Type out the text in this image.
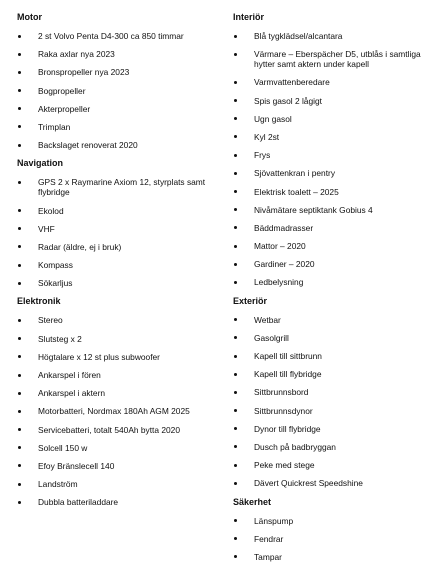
Motor
2 st Volvo Penta D4-300 ca 850 timmar
Raka axlar nya 2023
Bronspropeller nya 2023
Bogpropeller
Akterpropeller
Trimplan
Backslaget renoverat 2020
Navigation
GPS 2 x Raymarine Axiom 12, styrplats samt flybridge
Ekolod
VHF
Radar (äldre, ej i bruk)
Kompass
Sökarljus
Elektronik
Stereo
Slutsteg x 2
Högtalare x 12 st plus subwoofer
Ankarspel i fören
Ankarspel i aktern
Motorbatteri, Nordmax 180Ah AGM 2025
Servicebatteri, totalt 540Ah bytta 2020
Solcell 150 w
Efoy Bränslecell 140
Landström
Dubbla batteriladdare
Interiör
Blå tygklädsel/alcantara
Värmare – Eberspächer D5, utblås i samtliga hytter samt aktern under kapell
Varmvattenberedare
Spis gasol 2 lågigt
Ugn gasol
Kyl 2st
Frys
Sjövattenkran i pentry
Elektrisk toalett – 2025
Nivåmätare septiktank Gobius 4
Bäddmadrasser
Mattor – 2020
Gardiner – 2020
Ledbelysning
Exteriör
Wetbar
Gasolgrill
Kapell till sittbrunn
Kapell till flybridge
Sittbrunnsbord
Sittbrunnsdynor
Dynor till flybridge
Dusch på badbryggan
Peke med stege
Dävert Quickrest Speedshine
Säkerhet
Länspump
Fendrar
Tampar
